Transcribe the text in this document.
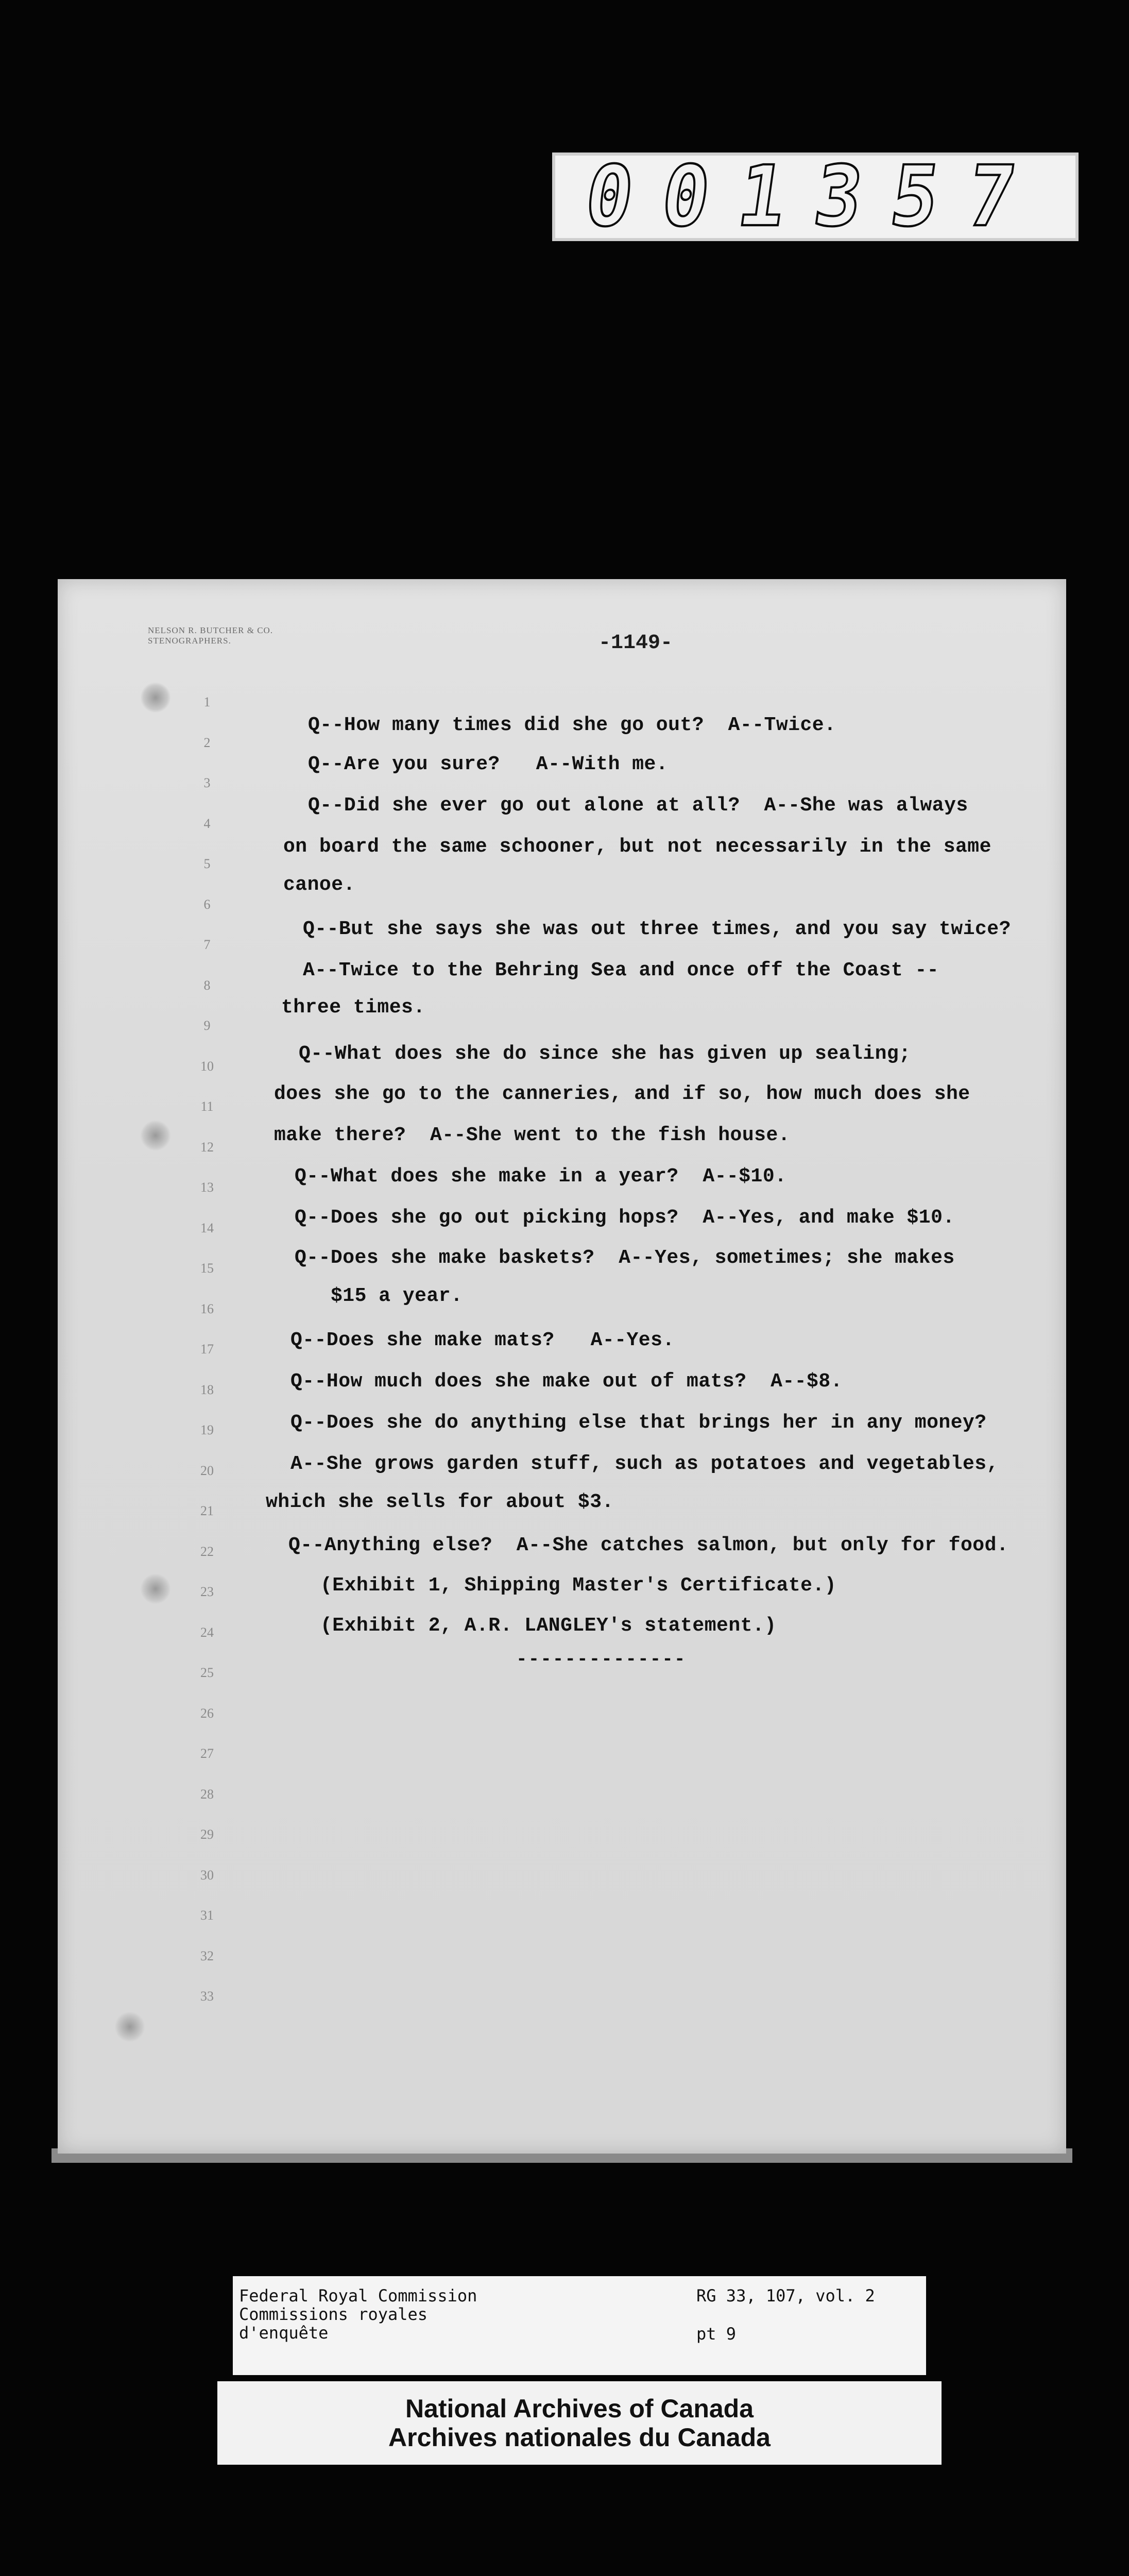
001357
NELSON R. BUTCHER & CO.
STENOGRAPHERS.	-1149-
1
2
3
4
5
6
7
8
9
10
11
12
13
14
15
16
17
18
19
20
21
22
23
24
25
26
27
28
29
30
31
32
33
Q--How many times did she go out?  A--Twice.
Q--Are you sure?   A--With me.
Q--Did she ever go out alone at all?  A--She was always
on board the same schooner, but not necessarily in the same
canoe.
Q--But she says she was out three times, and you say twice?
A--Twice to the Behring Sea and once off the Coast --
three times.
Q--What does she do since she has given up sealing;
does she go to the canneries, and if so, how much does she
make there?  A--She went to the fish house.
Q--What does she make in a year?  A--$10.
Q--Does she go out picking hops?  A--Yes, and make $10.
Q--Does she make baskets?  A--Yes, sometimes; she makes
$15 a year.
Q--Does she make mats?   A--Yes.
Q--How much does she make out of mats?  A--$8.
Q--Does she do anything else that brings her in any money?
A--She grows garden stuff, such as potatoes and vegetables,
which she sells for about $3.
Q--Anything else?  A--She catches salmon, but only for food.
(Exhibit 1, Shipping Master's Certificate.)
(Exhibit 2, A.R. LANGLEY's statement.)
--------------
Federal Royal Commission
Commissions royales
d'enquête
RG 33, 107, vol. 2
pt 9
National Archives of Canada
Archives nationales du Canada
